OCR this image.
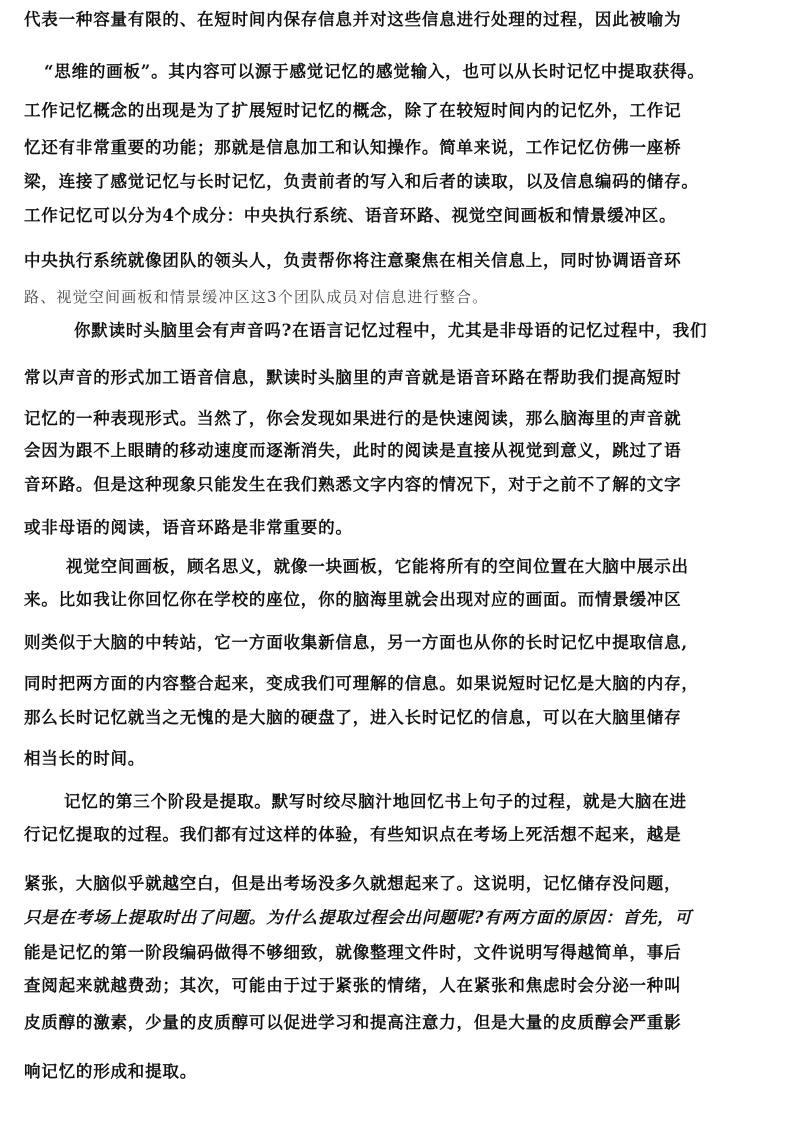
代表一种容量有限的、在短时间内保存信息并对这些信息进行处理的过程，因此被喻为
“思维的画板”。其内容可以源于感觉记忆的感觉输入，也可以从长时记忆中提取获得。
工作记忆概念的出现是为了扩展短时记忆的概念，除了在较短时间内的记忆外，工作记
忆还有非常重要的功能；那就是信息加工和认知操作。简单来说，工作记忆仿佛一座桥
梁，连接了感觉记忆与长时记忆，负责前者的写入和后者的读取，以及信息编码的储存。
工作记忆可以分为4个成分：中央执行系统、语音环路、视觉空间画板和情景缓冲区。
中央执行系统就像团队的领头人，负责帮你将注意聚焦在相关信息上，同时协调语音环
路、视觉空间画板和情景缓冲区这3个团队成员对信息进行整合。
你默读时头脑里会有声音吗?在语言记忆过程中，尤其是非母语的记忆过程中，我们
常以声音的形式加工语音信息，默读时头脑里的声音就是语音环路在帮助我们提高短时
记忆的一种表现形式。当然了，你会发现如果进行的是快速阅读，那么脑海里的声音就
会因为跟不上眼睛的移动速度而逐渐消失，此时的阅读是直接从视觉到意义，跳过了语
音环路。但是这种现象只能发生在我们熟悉文字内容的情况下，对于之前不了解的文字
或非母语的阅读，语音环路是非常重要的。
视觉空间画板，顾名思义，就像一块画板，它能将所有的空间位置在大脑中展示出
来。比如我让你回忆你在学校的座位，你的脑海里就会出现对应的画面。而情景缓冲区
则类似于大脑的中转站，它一方面收集新信息，另一方面也从你的长时记忆中提取信息,
同时把两方面的内容整合起来，变成我们可理解的信息。如果说短时记忆是大脑的内存，
那么长时记忆就当之无愧的是大脑的硬盘了，进入长时记忆的信息，可以在大脑里储存
相当长的时间。
记忆的第三个阶段是提取。默写时绞尽脑汁地回忆书上句子的过程，就是大脑在进
行记忆提取的过程。我们都有过这样的体验，有些知识点在考场上死活想不起来，越是
紧张，大脑似乎就越空白，但是出考场没多久就想起来了。这说明，记忆储存没问题，
只是在考场上提取时出了问题。为什么提取过程会出问题呢?有两方面的原因：首先，可
能是记忆的第一阶段编码做得不够细致，就像整理文件时，文件说明写得越简单，事后
查阅起来就越费劲；其次，可能由于过于紧张的情绪，人在紧张和焦虑时会分泌一种叫
皮质醇的激素，少量的皮质醇可以促进学习和提高注意力，但是大量的皮质醇会严重影
响记忆的形成和提取。
